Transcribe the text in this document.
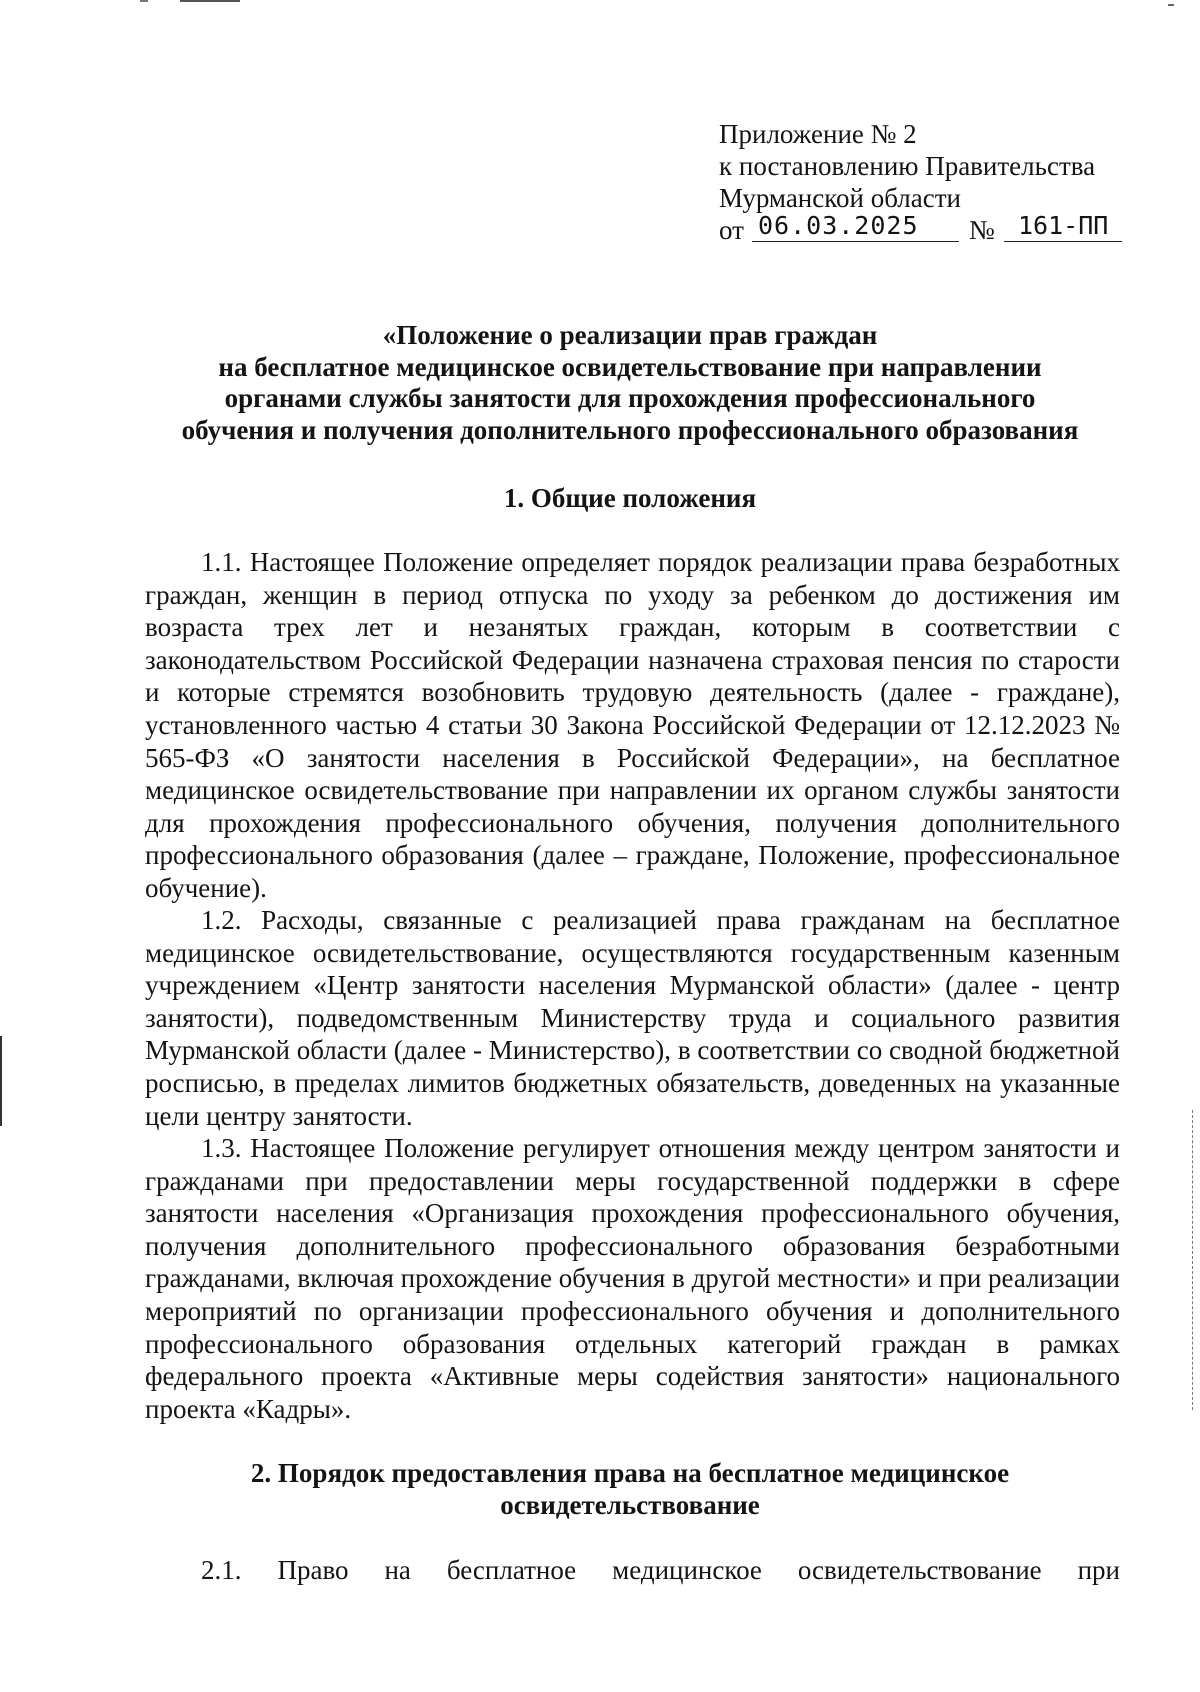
Приложение № 2
к постановлению Правительства
Мурманской области
от 06.03.2025	№ 161-ПП
«Положение о реализации прав граждан
на бесплатное медицинское освидетельствование при направлении
органами службы занятости для прохождения профессионального
обучения и получения дополнительного профессионального образования
1. Общие положения

1.1. Настоящее Положение определяет порядок реализации права безработных граждан, женщин в период отпуска по уходу за ребенком до достижения им возраста трех лет и незанятых граждан, которым в соответствии с законодательством Российской Федерации назначена страховая пенсия по старости и которые стремятся возобновить трудовую деятельность (далее - граждане), установленного частью 4 статьи 30 Закона Российской Федерации от 12.12.2023 № 565-ФЗ «О занятости населения в Российской Федерации», на бесплатное медицинское освидетельствование при направлении их органом службы занятости для прохождения профессионального обучения, получения дополнительного профессионального образования (далее – граждане, Положение, профессиональное обучение).

1.2. Расходы, связанные с реализацией права гражданам на бесплатное медицинское освидетельствование, осуществляются государственным казенным учреждением «Центр занятости населения Мурманской области» (далее - центр занятости), подведомственным Министерству труда и социального развития Мурманской области (далее - Министерство), в соответствии со сводной бюджетной росписью, в пределах лимитов бюджетных обязательств, доведенных на указанные цели центру занятости.

1.3. Настоящее Положение регулирует отношения между центром занятости и гражданами при предоставлении меры государственной поддержки в сфере занятости населения «Организация прохождения профессионального обучения, получения дополнительного профессионального образования безработными гражданами, включая прохождение обучения в другой местности» и при реализации мероприятий по организации профессионального обучения и дополнительного профессионального образования отдельных категорий граждан в рамках федерального проекта «Активные меры содействия занятости» национального проекта «Кадры».

2. Порядок предоставления права на бесплатное медицинское
освидетельствование

2.1. Право на бесплатное медицинское освидетельствование при
